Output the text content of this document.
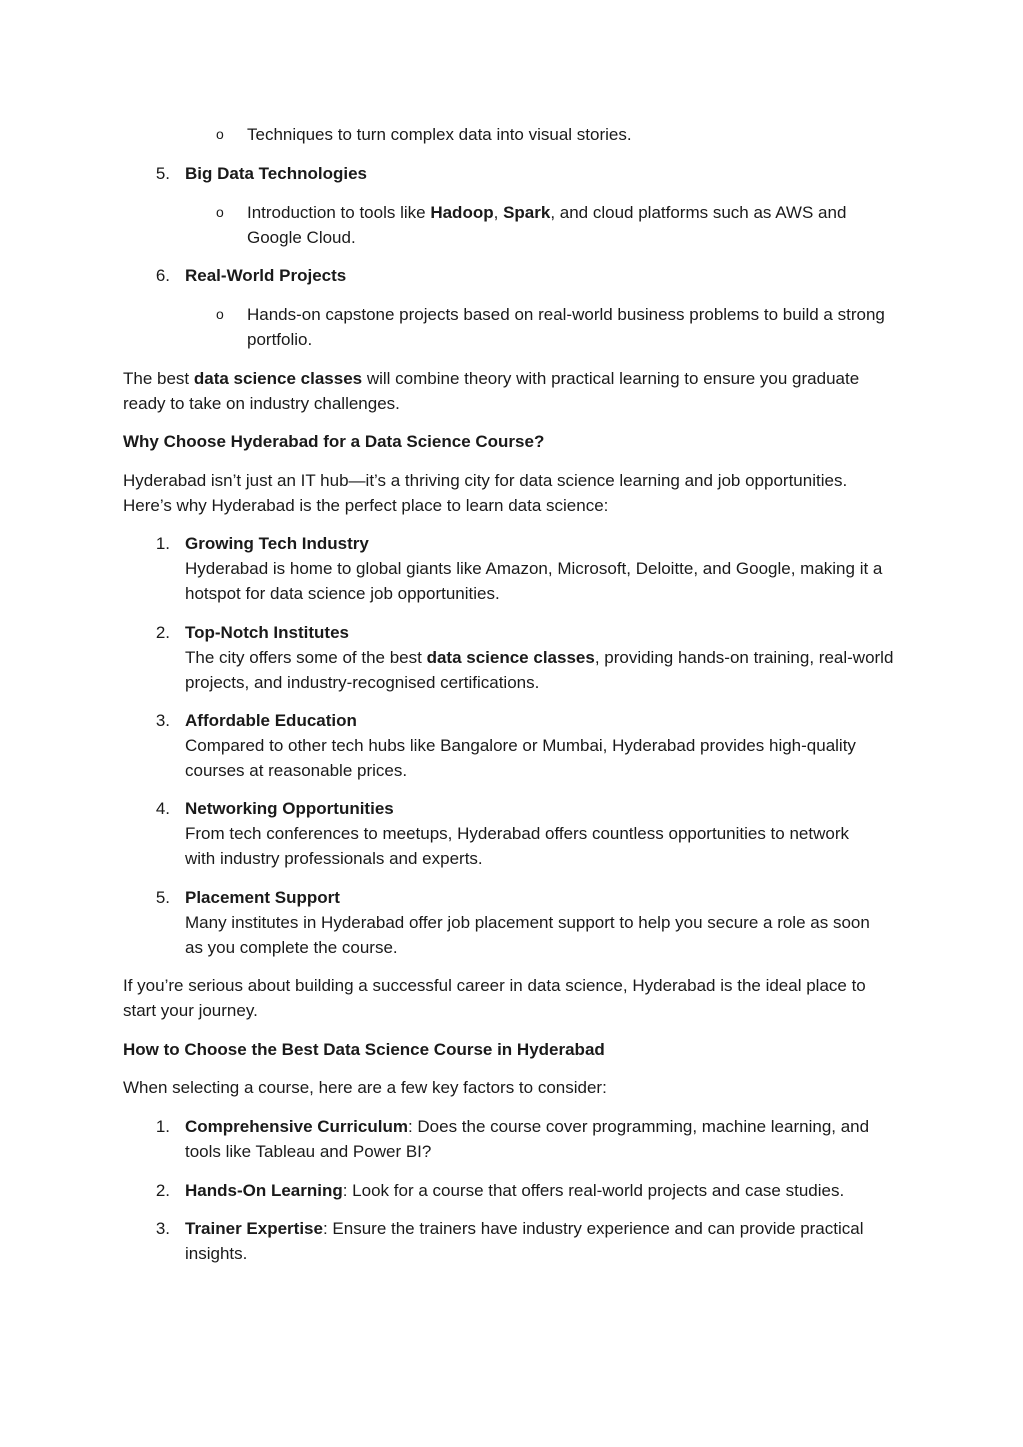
o Techniques to turn complex data into visual stories.
5. Big Data Technologies
o Introduction to tools like Hadoop, Spark, and cloud platforms such as AWS and
Google Cloud.
6. Real-World Projects
o Hands-on capstone projects based on real-world business problems to build a strong
portfolio.
The best data science classes will combine theory with practical learning to ensure you graduate
ready to take on industry challenges.
Why Choose Hyderabad for a Data Science Course?
Hyderabad isn’t just an IT hub—it’s a thriving city for data science learning and job opportunities.
Here’s why Hyderabad is the perfect place to learn data science:
1. Growing Tech Industry
Hyderabad is home to global giants like Amazon, Microsoft, Deloitte, and Google, making it a
hotspot for data science job opportunities.
2. Top-Notch Institutes
The city offers some of the best data science classes, providing hands-on training, real-world
projects, and industry-recognised certifications.
3. Affordable Education
Compared to other tech hubs like Bangalore or Mumbai, Hyderabad provides high-quality
courses at reasonable prices.
4. Networking Opportunities
From tech conferences to meetups, Hyderabad offers countless opportunities to network
with industry professionals and experts.
5. Placement Support
Many institutes in Hyderabad offer job placement support to help you secure a role as soon
as you complete the course.
If you’re serious about building a successful career in data science, Hyderabad is the ideal place to
start your journey.
How to Choose the Best Data Science Course in Hyderabad
When selecting a course, here are a few key factors to consider:
1. Comprehensive Curriculum: Does the course cover programming, machine learning, and
tools like Tableau and Power BI?
2. Hands-On Learning: Look for a course that offers real-world projects and case studies.
3. Trainer Expertise: Ensure the trainers have industry experience and can provide practical
insights.
